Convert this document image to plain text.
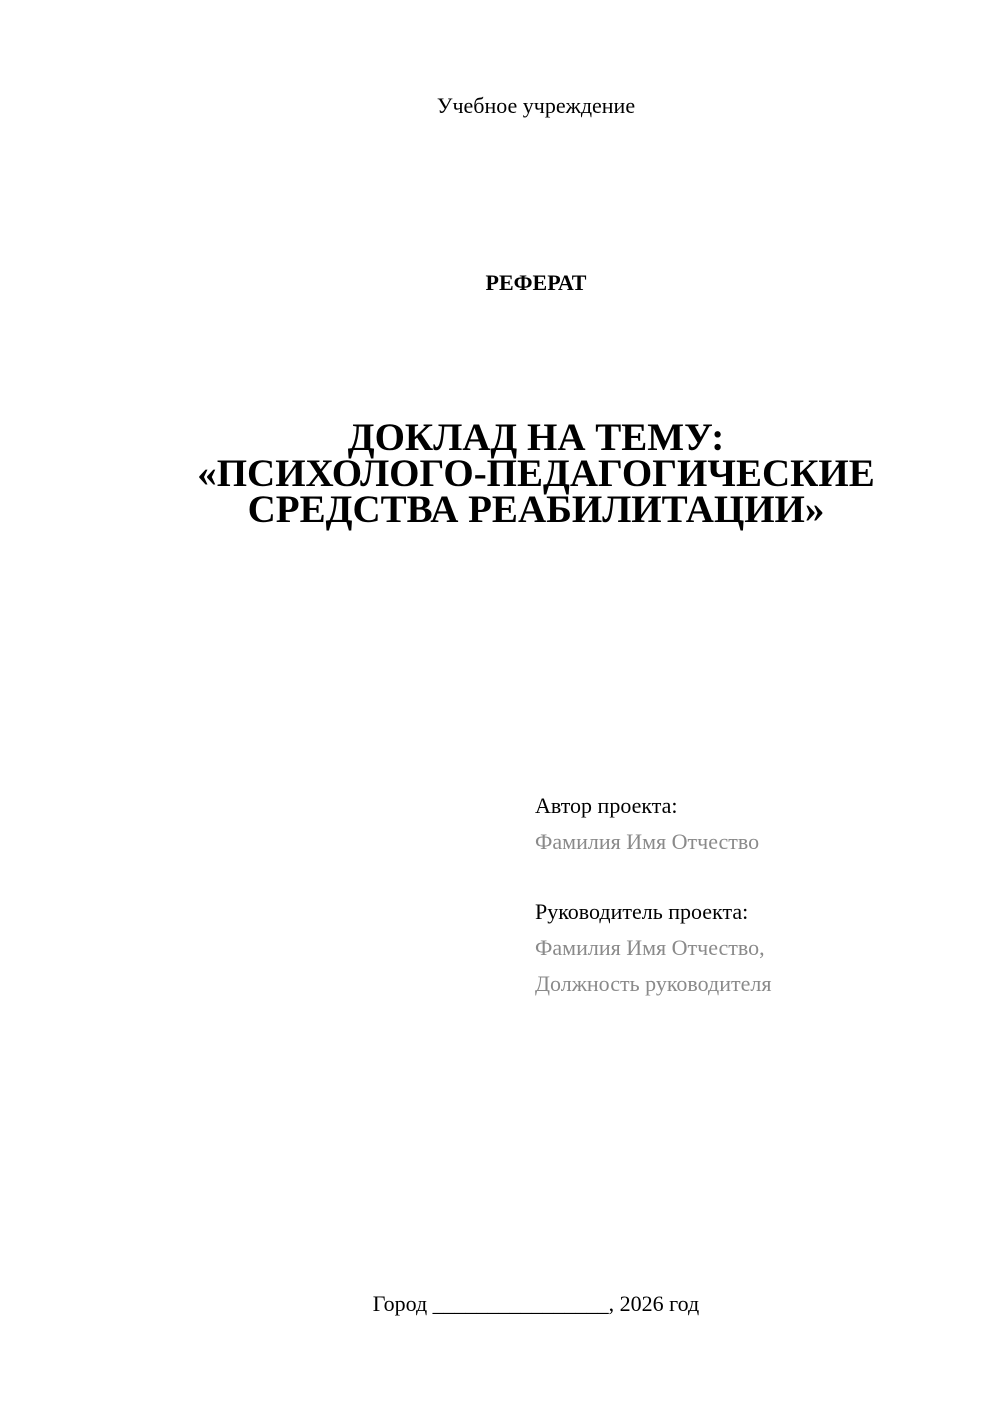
Учебное учреждение
РЕФЕРАТ
ДОКЛАД НА ТЕМУ:
«ПСИХОЛОГО-ПЕДАГОГИЧЕСКИЕ
СРЕДСТВА РЕАБИЛИТАЦИИ»
Автор проекта:
Фамилия Имя Отчество
Руководитель проекта:
Фамилия Имя Отчество,
Должность руководителя
Город ________________, 2026 год
